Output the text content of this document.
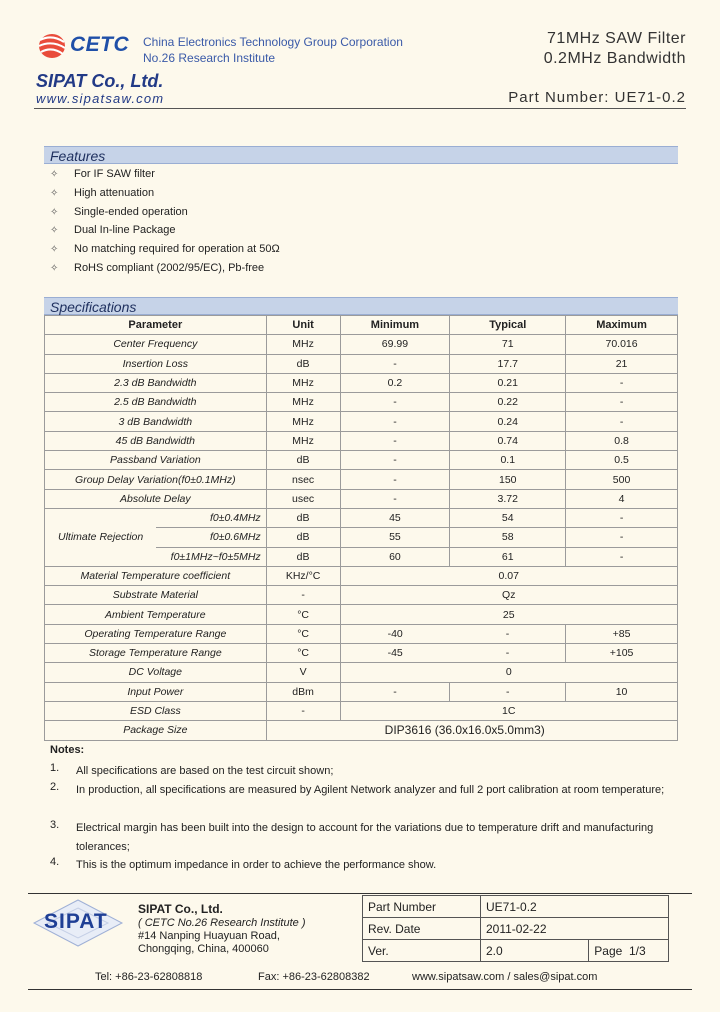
CETC China Electronics Technology Group Corporation
No.26 Research Institute
SIPAT Co., Ltd.
www.sipatsaw.com
71MHz SAW Filter
0.2MHz Bandwidth
Part Number: UE71-0.2
Features
✧ For IF SAW filter
✧ High attenuation
✧ Single-ended operation
✧ Dual In-line Package
✧ No matching required for operation at 50Ω
✧ RoHS compliant (2002/95/EC), Pb-free
Specifications
Parameter		Unit	Minimum	Typical	Maximum
Center Frequency		MHz	69.99	71	70.016
Insertion Loss		dB	-	17.7	21
2.3 dB Bandwidth		MHz	0.2	0.21	-
2.5 dB Bandwidth		MHz	-	0.22	-
3 dB Bandwidth		MHz	-	0.24	-
45 dB Bandwidth		MHz	-	0.74	0.8
Passband Variation		dB	-	0.1	0.5
Group Delay Variation(f0±0.1MHz)		nsec	-	150	500
Absolute Delay		usec	-	3.72	4
Ultimate Rejection	f0±0.4MHz	dB	45	54	-
	f0±0.6MHz	dB	55	58	-
	f0±1MHz~f0±5MHz	dB	60	61	-
Material Temperature coefficient		KHz/°C	0.07		
Substrate Material		-	Qz		
Ambient Temperature		°C	25		
Operating Temperature Range		°C	-40	-	+85
Storage Temperature Range		°C	-45	-	+105
DC Voltage		V	0		
Input Power		dBm	-	-	10
ESD Class		-	1C		
Package Size		DIP3616 (36.0x16.0x5.0mm3)			
Notes:
1. All specifications are based on the test circuit shown;
2. In production, all specifications are measured by Agilent Network analyzer and full 2 port calibration at room temperature;
3. Electrical margin has been built into the design to account for the variations due to temperature drift and manufacturing tolerances;
4. This is the optimum impedance in order to achieve the performance show.
SIPAT
SIPAT Co., Ltd.
( CETC No.26 Research Institute )
#14 Nanping Huayuan Road,
Chongqing, China, 400060
Part Number	UE71-0.2	
Rev. Date	2011-02-22	
Ver.	2.0	Page 1/3
Tel: +86-23-62808818	Fax: +86-23-62808382	www.sipatsaw.com / sales@sipat.com
